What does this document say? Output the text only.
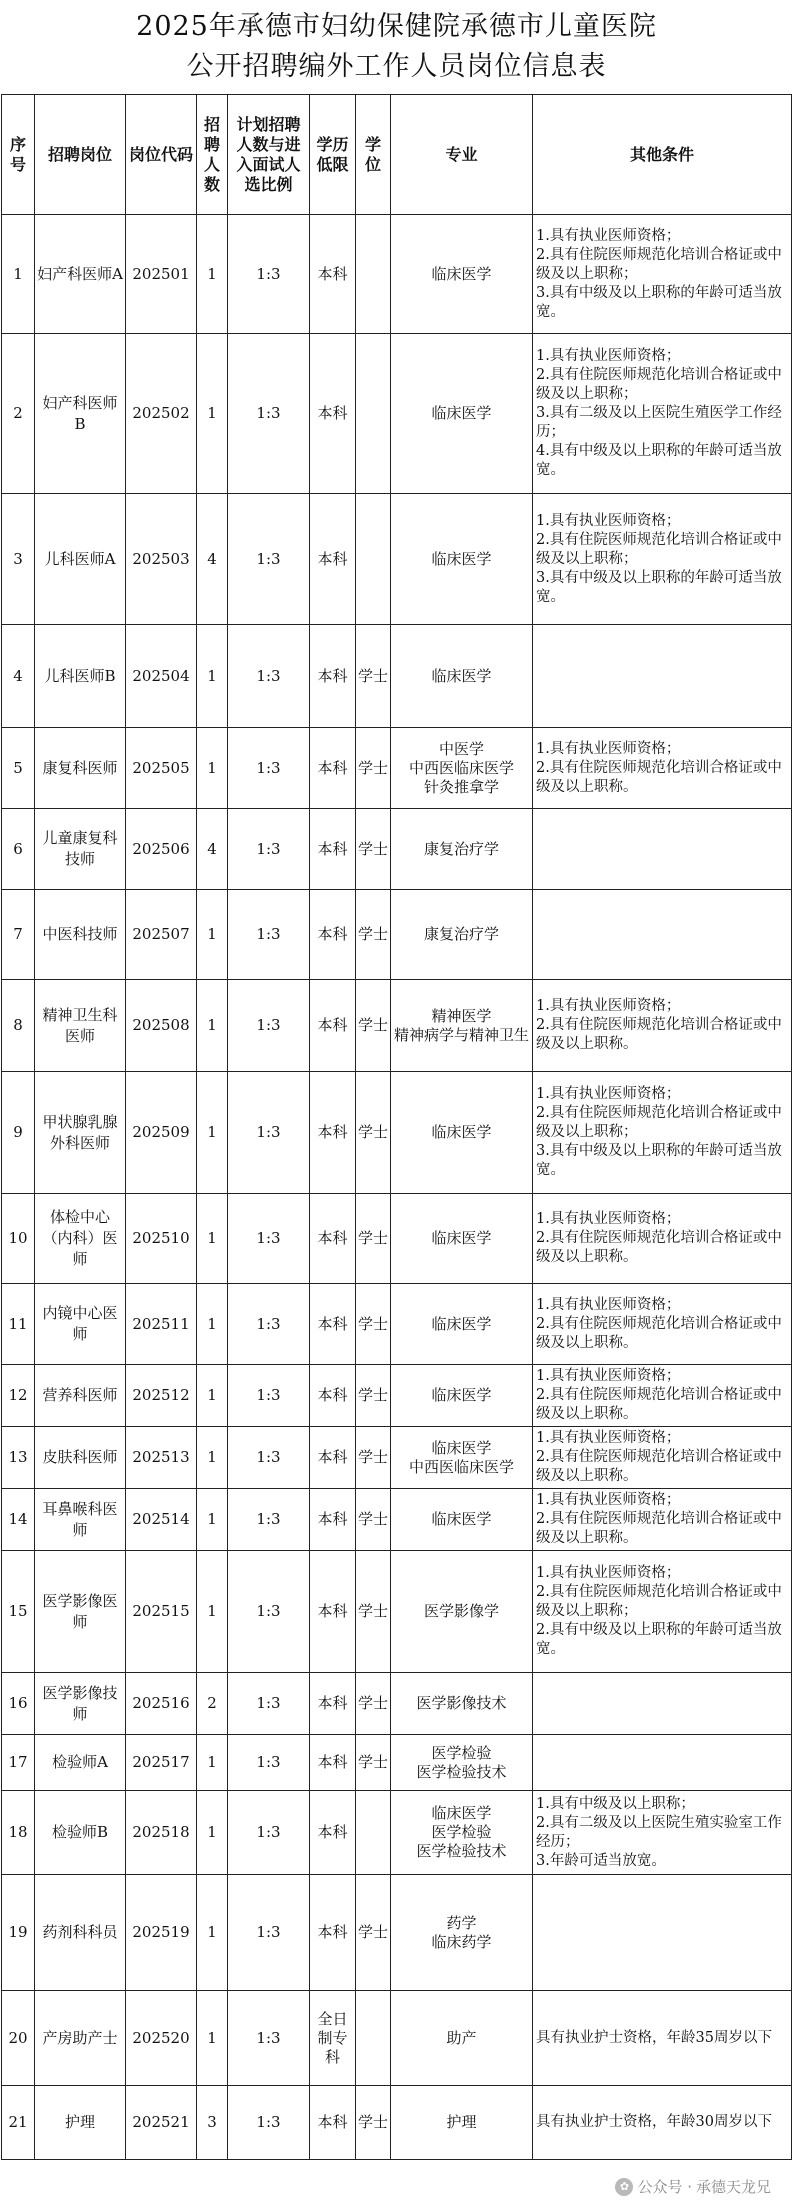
2025年承德市妇幼保健院承德市儿童医院
公开招聘编外工作人员岗位信息表
序号	招聘岗位	岗位代码	招聘人数	计划招聘人数与进入面试人选比例	学历低限	学位	专业	其他条件
1	妇产科医师A	202501	1	1:3	本科		临床医学	1.具有执业医师资格；
2.具有住院医师规范化培训合格证或中级及以上职称；
3.具有中级及以上职称的年龄可适当放宽。
2	妇产科医师B	202502	1	1:3	本科		临床医学	1.具有执业医师资格；
2.具有住院医师规范化培训合格证或中级及以上职称；
3.具有二级及以上医院生殖医学工作经历；
4.具有中级及以上职称的年龄可适当放宽。
3	儿科医师A	202503	4	1:3	本科		临床医学	1.具有执业医师资格；
2.具有住院医师规范化培训合格证或中级及以上职称；
3.具有中级及以上职称的年龄可适当放宽。
4	儿科医师B	202504	1	1:3	本科	学士	临床医学	
5	康复科医师	202505	1	1:3	本科	学士	中医学
中西医临床医学
针灸推拿学	1.具有执业医师资格；
2.具有住院医师规范化培训合格证或中级及以上职称。
6	儿童康复科技师	202506	4	1:3	本科	学士	康复治疗学	
7	中医科技师	202507	1	1:3	本科	学士	康复治疗学	
8	精神卫生科医师	202508	1	1:3	本科	学士	精神医学
精神病学与精神卫生	1.具有执业医师资格；
2.具有住院医师规范化培训合格证或中级及以上职称。
9	甲状腺乳腺外科医师	202509	1	1:3	本科	学士	临床医学	1.具有执业医师资格；
2.具有住院医师规范化培训合格证或中级及以上职称；
3.具有中级及以上职称的年龄可适当放宽。
10	体检中心（内科）医师	202510	1	1:3	本科	学士	临床医学	1.具有执业医师资格；
2.具有住院医师规范化培训合格证或中级及以上职称。
11	内镜中心医师	202511	1	1:3	本科	学士	临床医学	1.具有执业医师资格；
2.具有住院医师规范化培训合格证或中级及以上职称。
12	营养科医师	202512	1	1:3	本科	学士	临床医学	1.具有执业医师资格；
2.具有住院医师规范化培训合格证或中级及以上职称。
13	皮肤科医师	202513	1	1:3	本科	学士	临床医学
中西医临床医学	1.具有执业医师资格；
2.具有住院医师规范化培训合格证或中级及以上职称。
14	耳鼻喉科医师	202514	1	1:3	本科	学士	临床医学	1.具有执业医师资格；
2.具有住院医师规范化培训合格证或中级及以上职称。
15	医学影像医师	202515	1	1:3	本科	学士	医学影像学	1.具有执业医师资格；
2.具有住院医师规范化培训合格证或中级及以上职称；
2.具有中级及以上职称的年龄可适当放宽。
16	医学影像技师	202516	2	1:3	本科	学士	医学影像技术	
17	检验师A	202517	1	1:3	本科	学士	医学检验
医学检验技术	
18	检验师B	202518	1	1:3	本科		临床医学
医学检验
医学检验技术	1.具有中级及以上职称；
2.具有二级及以上医院生殖实验室工作经历；
3.年龄可适当放宽。
19	药剂科科员	202519	1	1:3	本科	学士	药学
临床药学	
20	产房助产士	202520	1	1:3	全日制专科		助产	具有执业护士资格，年龄35周岁以下
21	护理	202521	3	1:3	本科	学士	护理	具有执业护士资格，年龄30周岁以下
✿ 公众号 · 承德天龙兄
